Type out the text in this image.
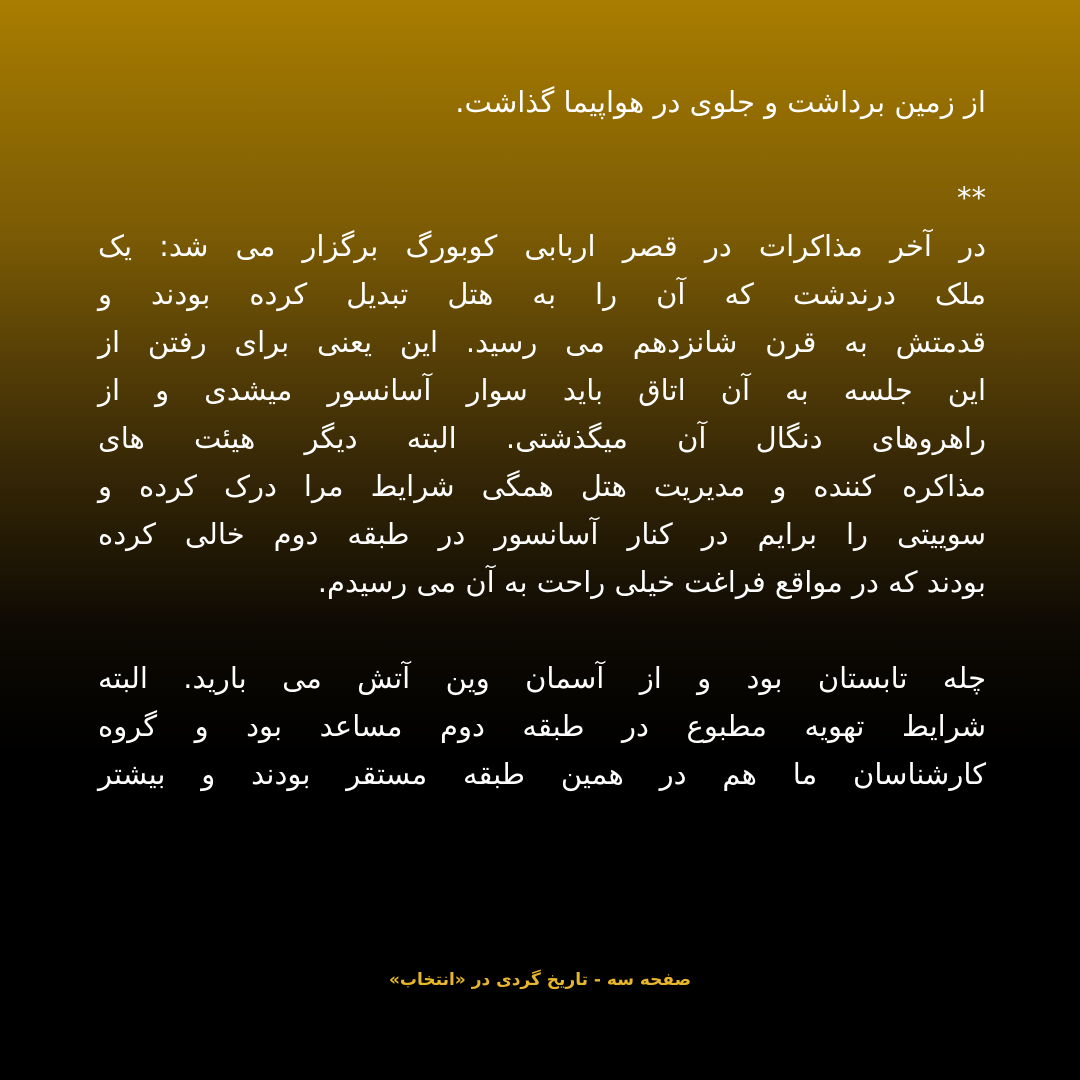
از زمین برداشت و جلوی در هواپیما گذاشت.
**
در آخر مذاکرات در قصر اربابی کوبورگ برگزار می شد: یک
ملک درندشت که آن را به هتل تبدیل کرده بودند و
قدمتش به قرن شانزدهم می رسید. این یعنی برای رفتن از
این جلسه به آن اتاق باید سوار آسانسور میشدی و از
راهروهای دنگال آن میگذشتی. البته دیگر هیئت های
مذاکره کننده و مدیریت هتل همگی شرایط مرا درک کرده و
سوییتی را برایم در کنار آسانسور در طبقه دوم خالی کرده
بودند که در مواقع فراغت خیلی راحت به آن می رسیدم.
چله تابستان بود و از آسمان وین آتش می بارید. البته
شرایط تهویه مطبوع در طبقه دوم مساعد بود و گروه
کارشناسان ما هم در همین طبقه مستقر بودند و بیشتر
صفحه سه - تاریخ گردی در «انتخاب»
